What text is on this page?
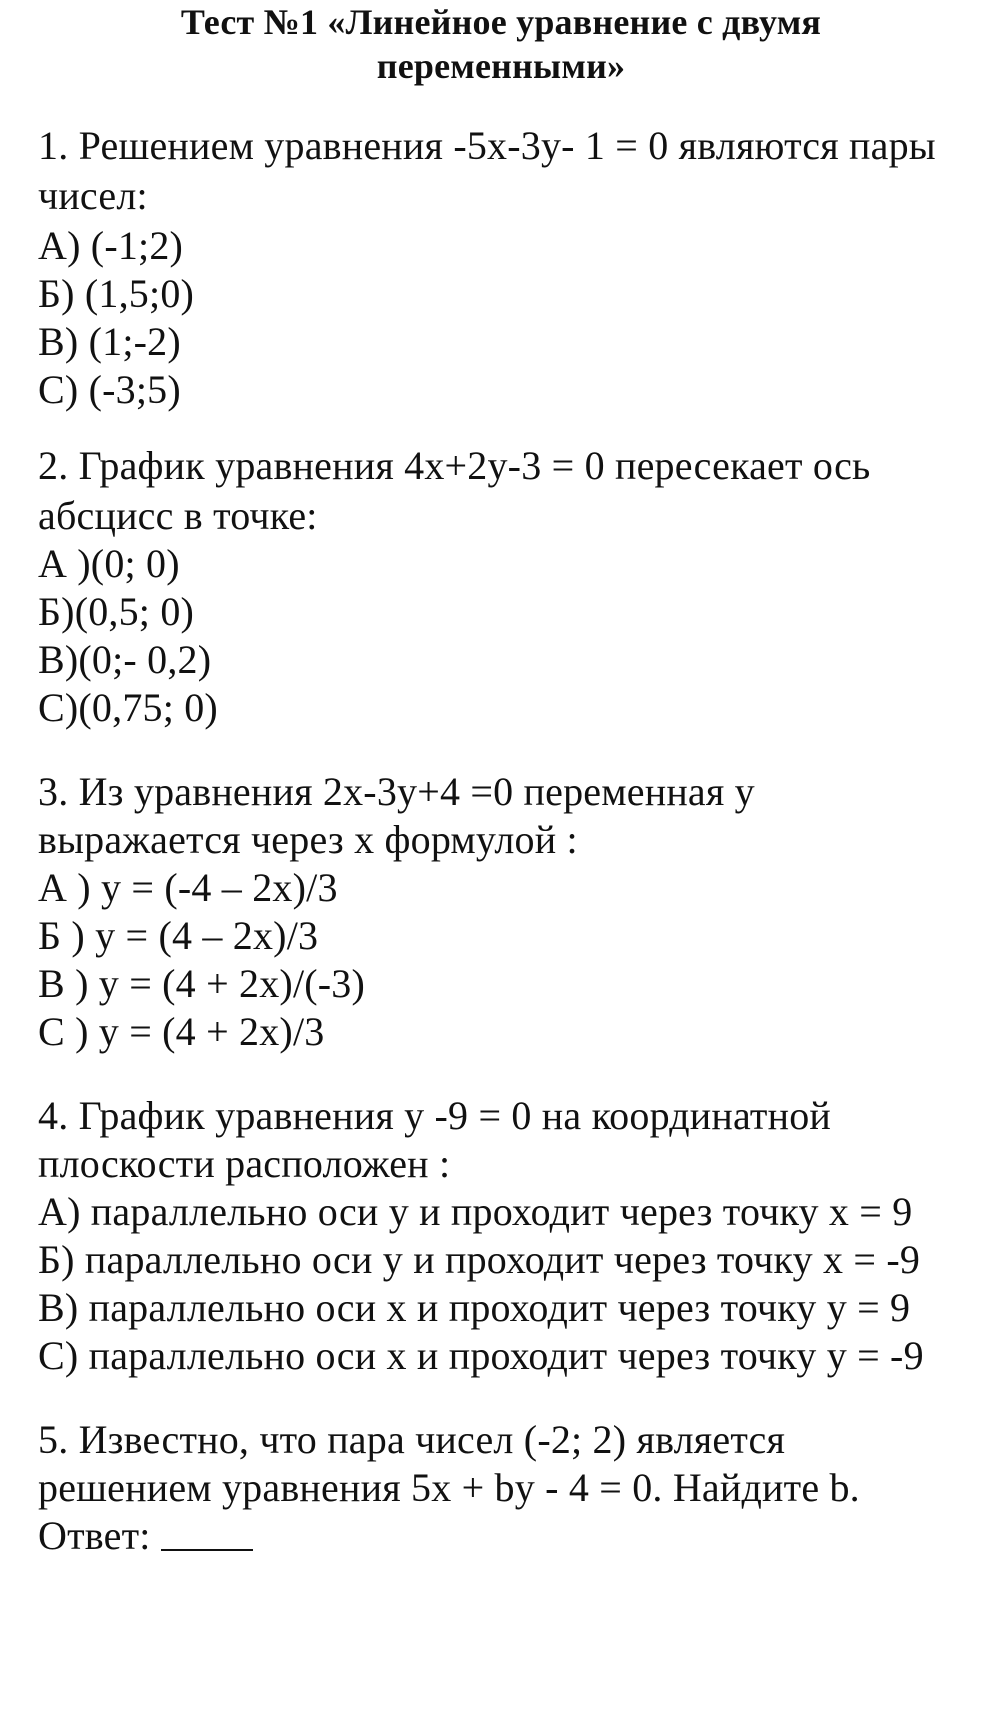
Тест №1 «Линейное уравнение с двумя
переменными»
1. Решением уравнения -5х-3у- 1 = 0 являются пары
чисел:
А) (-1;2)
Б) (1,5;0)
В) (1;-2)
С) (-3;5)
2. График уравнения 4х+2у-3 = 0 пересекает ось
абсцисс в точке:
А )(0; 0)
Б)(0,5; 0)
В)(0;- 0,2)
С)(0,75; 0)
3. Из уравнения 2х-3у+4 =0 переменная у
выражается через х формулой :
А ) у = (-4 – 2х)/3
Б ) у = (4 – 2х)/3
В ) у = (4 + 2х)/(-3)
С ) у = (4 + 2х)/3
4. График уравнения у -9 = 0 на координатной
плоскости расположен :
А) параллельно оси у и проходит через точку х = 9
Б) параллельно оси у и проходит через точку х = -9
В) параллельно оси х и проходит через точку у = 9
С) параллельно оси х и проходит через точку у = -9
5. Известно, что пара чисел (-2; 2) является
решением уравнения 5х + bу - 4 = 0. Найдите b.
Ответ:
